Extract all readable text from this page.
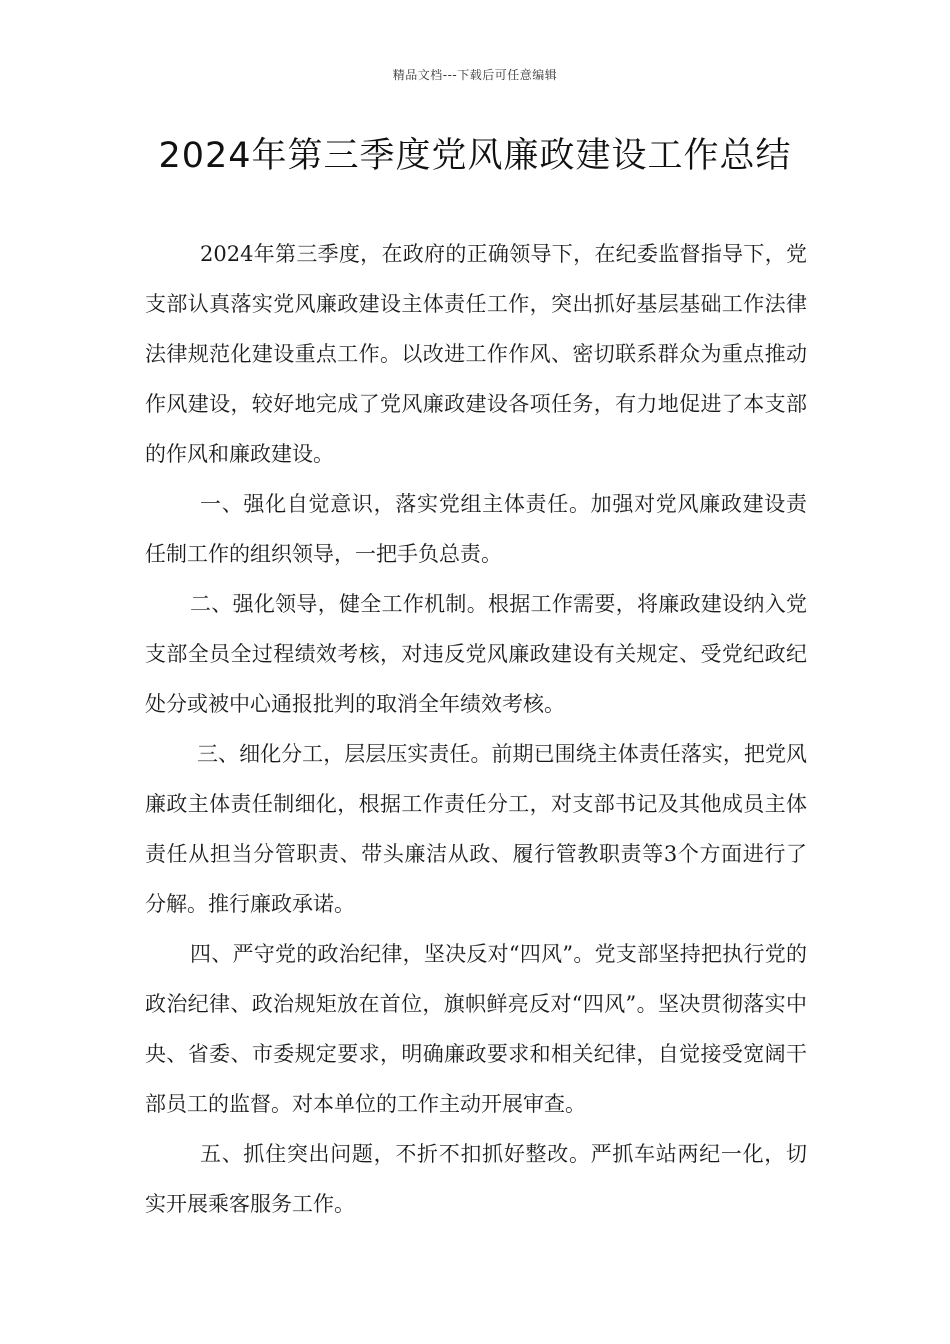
精品文档---下载后可任意编辑
2024年第三季度党风廉政建设工作总结

2024年第三季度，在政府的正确领导下，在纪委监督指导下，党支部认真落实党风廉政建设主体责任工作，突出抓好基层基础工作法律法律规范化建设重点工作。以改进工作作风、密切联系群众为重点推动作风建设，较好地完成了党风廉政建设各项任务，有力地促进了本支部的作风和廉政建设。

一、强化自觉意识，落实党组主体责任。加强对党风廉政建设责任制工作的组织领导，一把手负总责。

二、强化领导，健全工作机制。根据工作需要，将廉政建设纳入党支部全员全过程绩效考核，对违反党风廉政建设有关规定、受党纪政纪处分或被中心通报批判的取消全年绩效考核。

三、细化分工，层层压实责任。前期已围绕主体责任落实，把党风廉政主体责任制细化，根据工作责任分工，对支部书记及其他成员主体责任从担当分管职责、带头廉洁从政、履行管教职责等3个方面进行了分解。推行廉政承诺。

四、严守党的政治纪律，坚决反对“四风”。党支部坚持把执行党的政治纪律、政治规矩放在首位，旗帜鲜亮反对“四风”。坚决贯彻落实中央、省委、市委规定要求，明确廉政要求和相关纪律，自觉接受宽阔干部员工的监督。对本单位的工作主动开展审查。

五、抓住突出问题，不折不扣抓好整改。严抓车站两纪一化，切实开展乘客服务工作。
